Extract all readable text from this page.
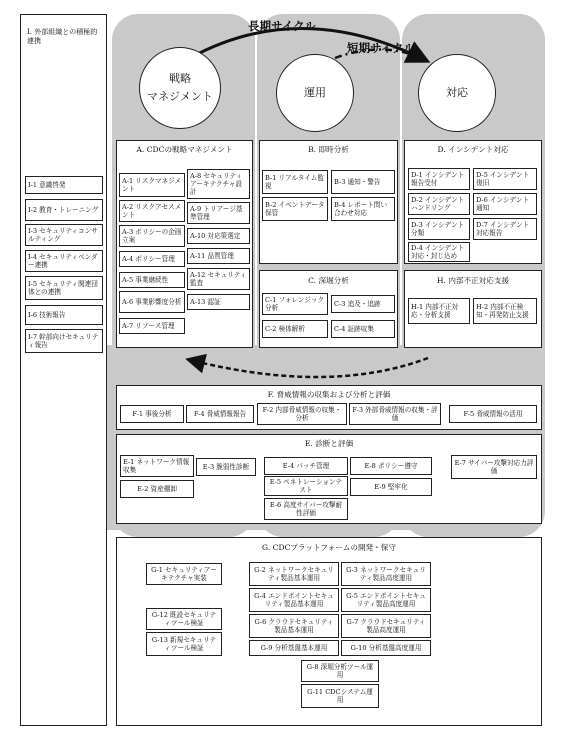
I. 外部組織との積極的連携
I-1 意識啓発
I-2 教育・トレーニング
I-3 セキュリティコンサルティング
I-4 セキュリティベンダー連携
I-5 セキュリティ関連団体との連携
I-6 技術報告
I-7 幹部向けセキュリティ報告
長期サイクル
短期サイクル
戦略
マネジメント	運用	対応
A. CDCの戦略マネジメント
A-1 リスクマネジメント
A-2 リスクアセスメント
A-3 ポリシーの企画立案
A-4 ポリシー管理
A-5 事業継続性
A-6 事業影響度分析
A-7 リソース管理
A-8 セキュリティアーキテクチャ設計
A-9 トリアージ基準管理
A-10 対応策選定
A-11 品質管理
A-12 セキュリティ監査
A-13 認証
B. 即時分析
B-1 リアルタイム監視
B-3 通知・警告
B-2 イベントデータ保管
B-4 レポート問い合わせ対応
D. インシデント対応
D-1 インシデント報告受付
D-5 インシデント復旧
D-2 インシデントハンドリング
D-6 インシデント通知
D-3 インシデント分類
D-7 インシデント対応報告
D-4 インシデント対応・封じ込め
C. 深堀分析
C-1 フォレンジック分析
C-3 追及・追跡
C-2 検体解析	C-4 証跡収集
H. 内部不正対応支援
H-1 内部不正対応・分析支援
H-2 内部不正検知・再発防止支援
F. 脅威情報の収集および分析と評価
F-1 事後分析	F-4 脅威情報報告
F-2 内部脅威情報の収集・分析
F-3 外部脅威情報の収集・評価
F-5 脅威情報の活用
E. 診断と評価
E-1 ネットワーク情報収集	E-3 脆弱性診断
E-2 資産棚卸
E-4 パッチ管理
E-5 ペネトレーションテスト
E-6 高度サイバー攻撃耐性評価
E-8 ポリシー遵守
E-9 堅牢化
E-7 サイバー攻撃対応力評価
G. CDCプラットフォームの開発・保守
G-1 セキュリティアーキテクチャ実装
G-2 ネットワークセキュリティ製品基本運用
G-3 ネットワークセキュリティ製品高度運用
G-4 エンドポイントセキュリティ製品基本運用
G-5 エンドポイントセキュリティ製品高度運用
G-6 クラウドセキュリティ製品基本運用
G-7 クラウドセキュリティ製品高度運用
G-9 分析基盤基本運用	G-10 分析基盤高度運用
G-8 深堀分析ツール運用
G-11 CDCシステム運用
G-12 既設セキュリティツール検証
G-13 新規セキュリティツール検証
